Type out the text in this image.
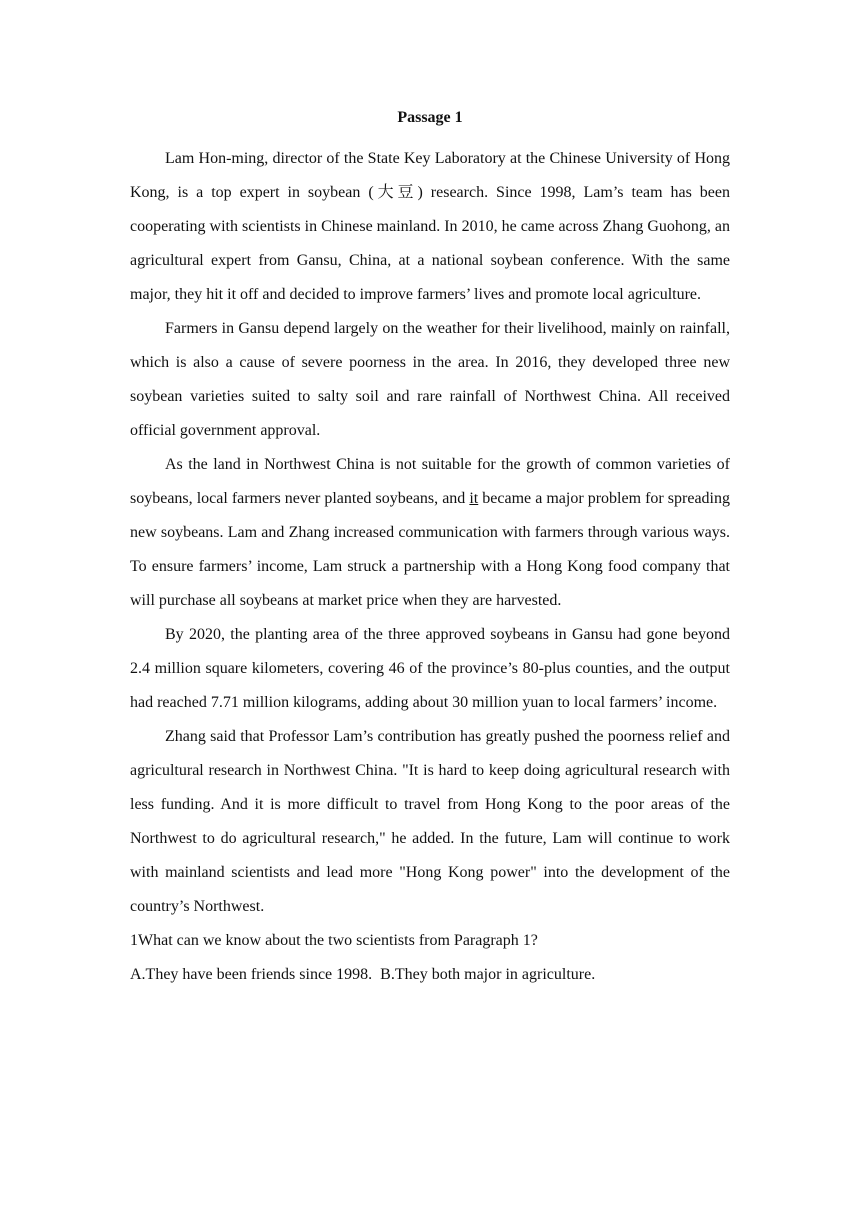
Passage 1

Lam Hon-ming, director of the State Key Laboratory at the Chinese University of Hong Kong, is a top expert in soybean (大豆) research. Since 1998, Lam’s team has been cooperating with scientists in Chinese mainland. In 2010, he came across Zhang Guohong, an agricultural expert from Gansu, China, at a national soybean conference. With the same major, they hit it off and decided to improve farmers’ lives and promote local agriculture.

Farmers in Gansu depend largely on the weather for their livelihood, mainly on rainfall, which is also a cause of severe poorness in the area. In 2016, they developed three new soybean varieties suited to salty soil and rare rainfall of Northwest China. All received official government approval.

As the land in Northwest China is not suitable for the growth of common varieties of soybeans, local farmers never planted soybeans, and it became a major problem for spreading new soybeans. Lam and Zhang increased communication with farmers through various ways. To ensure farmers’ income, Lam struck a partnership with a Hong Kong food company that will purchase all soybeans at market price when they are harvested.

By 2020, the planting area of the three approved soybeans in Gansu had gone beyond 2.4 million square kilometers, covering 46 of the province’s 80-plus counties, and the output had reached 7.71 million kilograms, adding about 30 million yuan to local farmers’ income.

Zhang said that Professor Lam’s contribution has greatly pushed the poorness relief and agricultural research in Northwest China. "It is hard to keep doing agricultural research with less funding. And it is more difficult to travel from Hong Kong to the poor areas of the Northwest to do agricultural research," he added. In the future, Lam will continue to work with mainland scientists and lead more "Hong Kong power" into the development of the country’s Northwest.

1What can we know about the two scientists from Paragraph 1?

A.They have been friends since 1998. B.They both major in agriculture.
